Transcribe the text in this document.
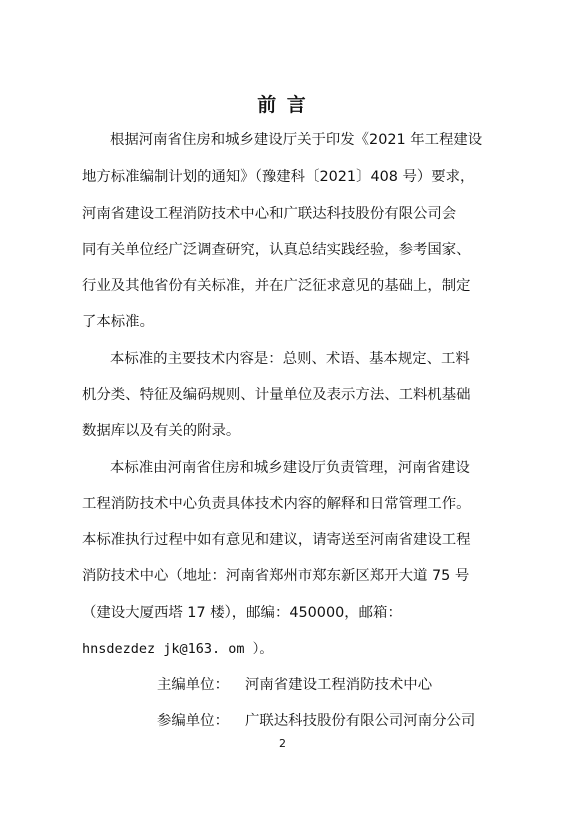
前 言
根据河南省住房和城乡建设厅关于印发《2021 年工程建设
地方标准编制计划的通知》（豫建科〔2021〕408 号）要求，
河南省建设工程消防技术中心和广联达科技股份有限公司会
同有关单位经广泛调查研究，认真总结实践经验，参考国家、
行业及其他省份有关标准，并在广泛征求意见的基础上，制定
了本标准。
本标准的主要技术内容是：总则、术语、基本规定、工料
机分类、特征及编码规则、计量单位及表示方法、工料机基础
数据库以及有关的附录。
本标准由河南省住房和城乡建设厅负责管理，河南省建设
工程消防技术中心负责具体技术内容的解释和日常管理工作。
本标准执行过程中如有意见和建议，请寄送至河南省建设工程
消防技术中心（地址：河南省郑州市郑东新区郑开大道 75 号
（建设大厦西塔 17 楼），邮编：450000，邮箱：
hnsdezdez jk@163. om ）。
主编单位： 河南省建设工程消防技术中心
参编单位： 广联达科技股份有限公司河南分公司
2
